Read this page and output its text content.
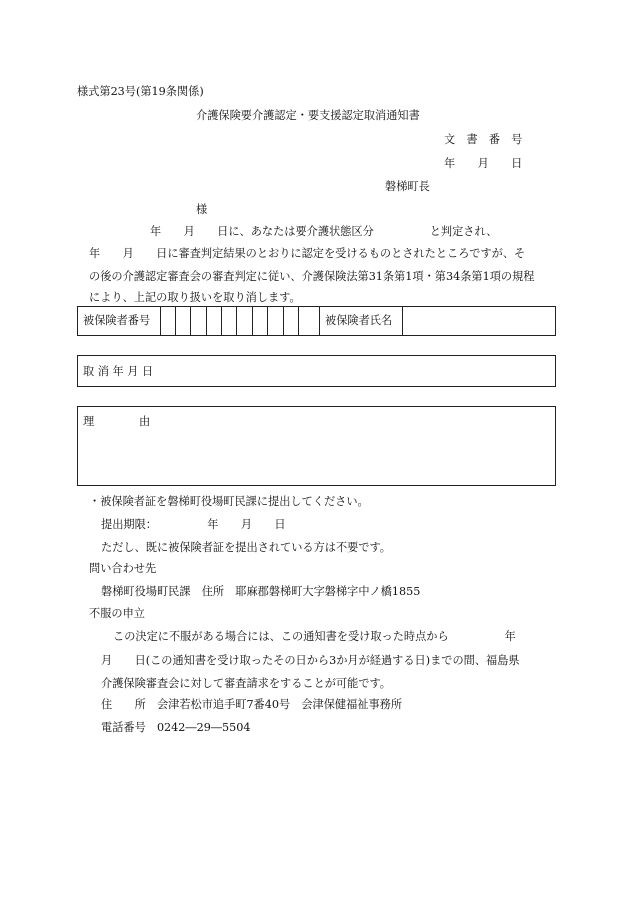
様式第23号(第19条関係)
介護保険要介護認定・要支援認定取消通知書
文　書　番　号
年　　月　　日
磐梯町長
様
年　　月　　日に、あなたは要介護状態区分　　　　　と判定され、
年　　月　　日に審査判定結果のとおりに認定を受けるものとされたところですが、そ
の後の介護認定審査会の審査判定に従い、介護保険法第31条第1項・第34条第1項の規程
により、上記の取り扱いを取り消します。
被保険者番号	被保険者氏名
取 消 年 月 日
理　　　　由
・被保険者証を磐梯町役場町民課に提出してください。
提出期限：　　　　　年　　月　　日
ただし、既に被保険者証を提出されている方は不要です。
問い合わせ先
磐梯町役場町民課　住所　耶麻郡磐梯町大字磐梯字中ノ橋1855
不服の申立
この決定に不服がある場合には、この通知書を受け取った時点から　　　　　年
月　　日(この通知書を受け取ったその日から3か月が経過する日)までの間、福島県
介護保険審査会に対して審査請求をすることが可能です。
住　　所　会津若松市追手町7番40号　会津保健福祉事務所
電話番号　0242―29―5504
